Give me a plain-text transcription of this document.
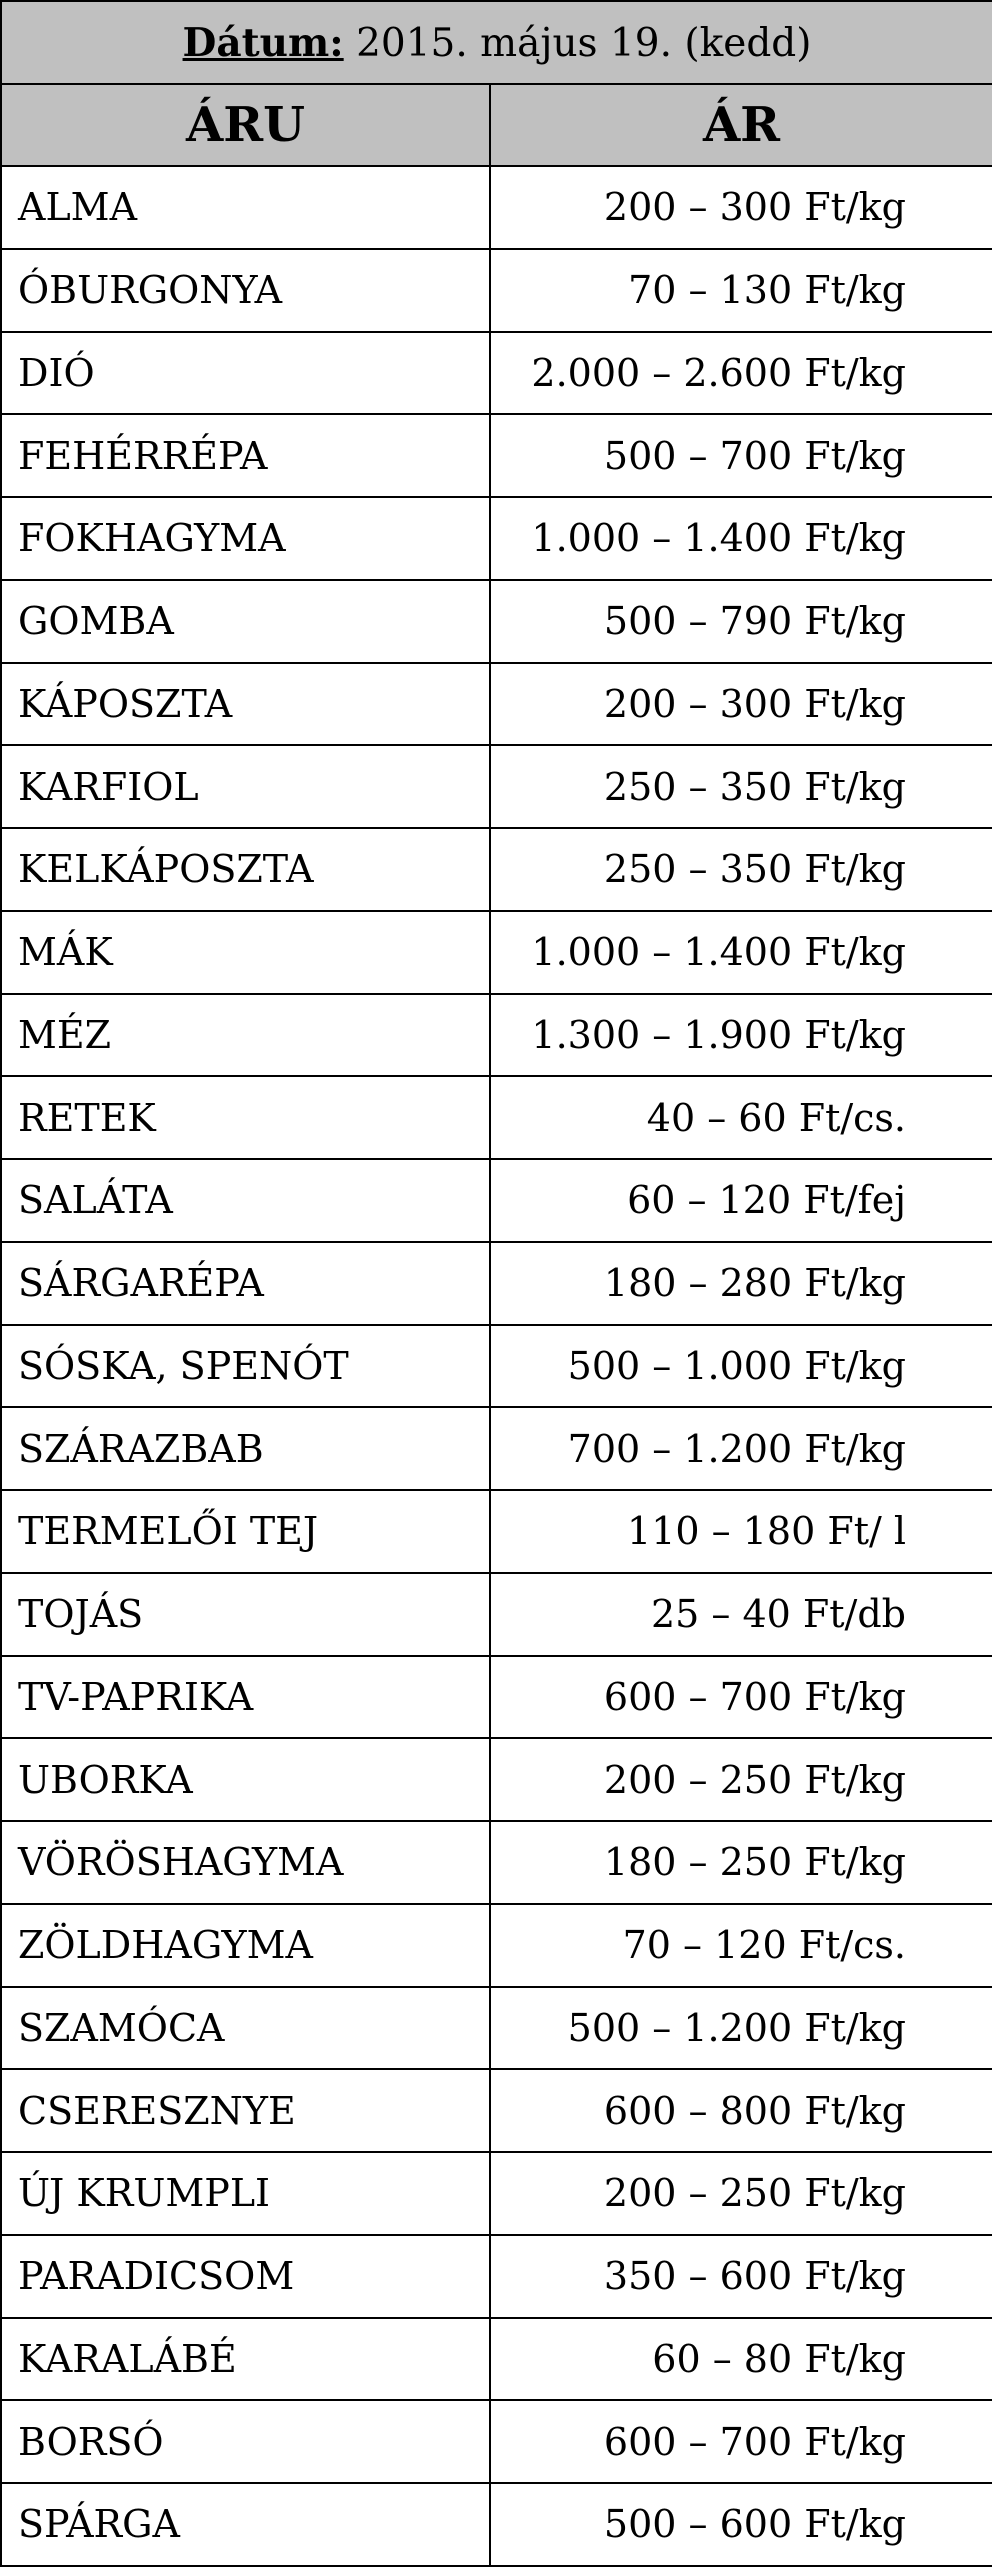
Dátum: 2015. május 19. (kedd)	
ÁRU	ÁR
ALMA	200 – 300 Ft/kg
ÓBURGONYA	70 – 130 Ft/kg
DIÓ	2.000 – 2.600 Ft/kg
FEHÉRRÉPA	500 – 700 Ft/kg
FOKHAGYMA	1.000 – 1.400 Ft/kg
GOMBA	500 – 790 Ft/kg
KÁPOSZTA	200 – 300 Ft/kg
KARFIOL	250 – 350 Ft/kg
KELKÁPOSZTA	250 – 350 Ft/kg
MÁK	1.000 – 1.400 Ft/kg
MÉZ	1.300 – 1.900 Ft/kg
RETEK	40 – 60 Ft/cs.
SALÁTA	60 – 120 Ft/fej
SÁRGARÉPA	180 – 280 Ft/kg
SÓSKA, SPENÓT	500 – 1.000 Ft/kg
SZÁRAZBAB	700 – 1.200 Ft/kg
TERMELŐI TEJ	110 – 180 Ft/ l
TOJÁS	25 – 40 Ft/db
TV-PAPRIKA	600 – 700 Ft/kg
UBORKA	200 – 250 Ft/kg
VÖRÖSHAGYMA	180 – 250 Ft/kg
ZÖLDHAGYMA	70 – 120 Ft/cs.
SZAMÓCA	500 – 1.200 Ft/kg
CSERESZNYE	600 – 800 Ft/kg
ÚJ KRUMPLI	200 – 250 Ft/kg
PARADICSOM	350 – 600 Ft/kg
KARALÁBÉ	60 – 80 Ft/kg
BORSÓ	600 – 700 Ft/kg
SPÁRGA	500 – 600 Ft/kg
